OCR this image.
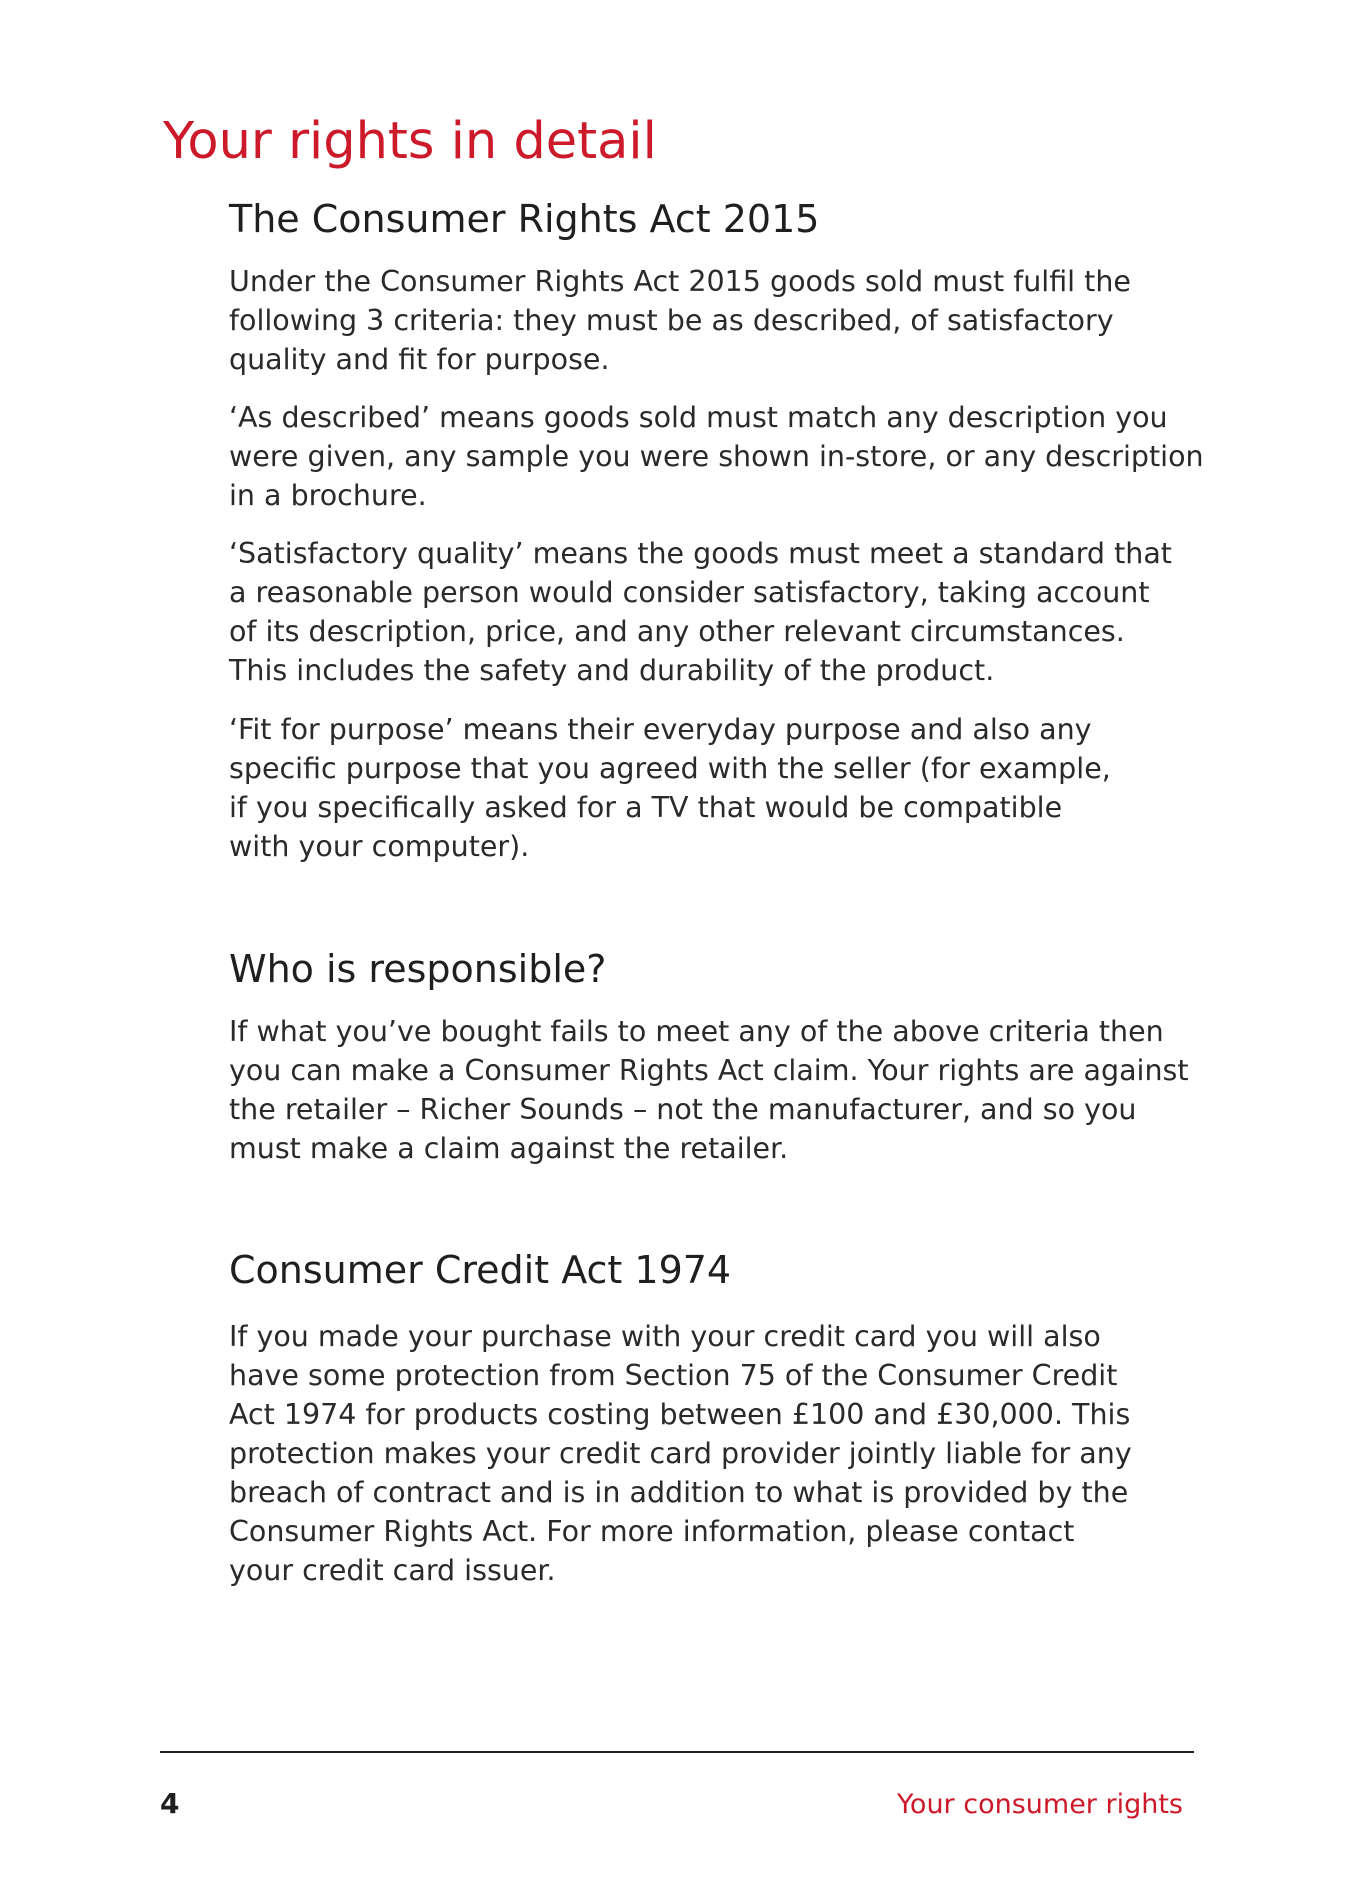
Your rights in detail
The Consumer Rights Act 2015

Under the Consumer Rights Act 2015 goods sold must fulfil the
following 3 criteria: they must be as described, of satisfactory
quality and fit for purpose.

‘As described’ means goods sold must match any description you
were given, any sample you were shown in-store, or any description
in a brochure.

‘Satisfactory quality’ means the goods must meet a standard that
a reasonable person would consider satisfactory, taking account
of its description, price, and any other relevant circumstances.
This includes the safety and durability of the product.

‘Fit for purpose’ means their everyday purpose and also any
specific purpose that you agreed with the seller (for example,
if you specifically asked for a TV that would be compatible
with your computer).

Who is responsible?

If what you’ve bought fails to meet any of the above criteria then
you can make a Consumer Rights Act claim. Your rights are against
the retailer – Richer Sounds – not the manufacturer, and so you
must make a claim against the retailer.

Consumer Credit Act 1974

If you made your purchase with your credit card you will also
have some protection from Section 75 of the Consumer Credit
Act 1974 for products costing between £100 and £30,000. This
protection makes your credit card provider jointly liable for any
breach of contract and is in addition to what is provided by the
Consumer Rights Act. For more information, please contact
your credit card issuer.

4	Your consumer rights
